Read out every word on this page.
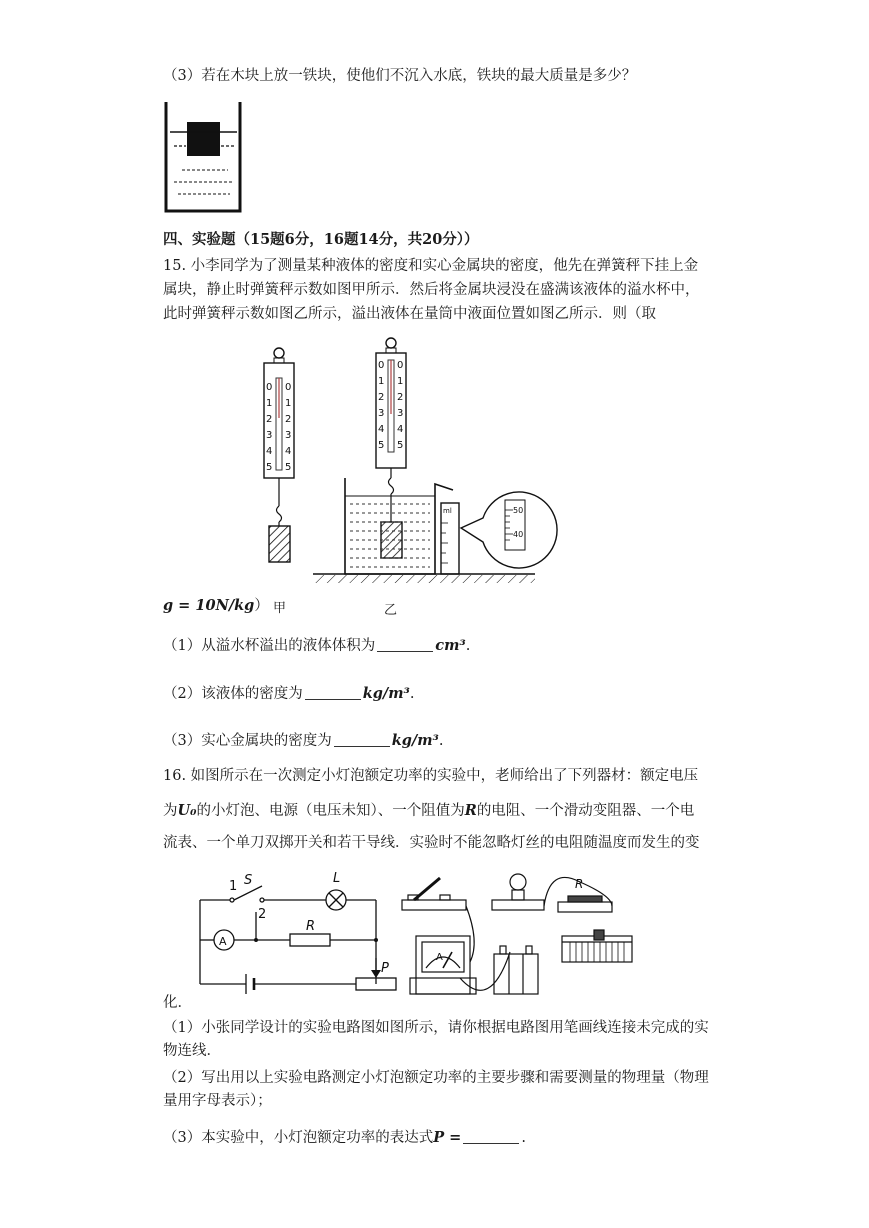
（3）若在木块上放一铁块，使他们不沉入水底，铁块的最大质量是多少？
四、实验题（15题6分，16题14分，共20分））
15. 小李同学为了测量某种液体的密度和实心金属块的密度，他先在弹簧秤下挂上金
属块，静止时弹簧秤示数如图甲所示．然后将金属块浸没在盛满该液体的溢水杯中，
此时弹簧秤示数如图乙所示，溢出液体在量筒中液面位置如图乙所示．则（取
0 0
1 1
2 2
3 3
4 4
5 5
0 0
1 1
2 2
3 3
4 4
5 5
ml	50
40
g = 10N/kg） 甲	乙
（1）从溢水杯溢出的液体体积为	cm³.
（2）该液体的密度为	kg/m³.
（3）实心金属块的密度为	kg/m³.
16. 如图所示在一次测定小灯泡额定功率的实验中，老师给出了下列器材：额定电压
为U₀的小灯泡、电源（电压未知）、一个阻值为R的电阻、一个滑动变阻器、一个电
流表、一个单刀双掷开关和若干导线．实验时不能忽略灯丝的电阻随温度而发生的变
1 S
2
L
R
P
A
A
R
化．
（1）小张同学设计的实验电路图如图所示，请你根据电路图用笔画线连接未完成的实
物连线．
（2）写出用以上实验电路测定小灯泡额定功率的主要步骤和需要测量的物理量（物理
量用字母表示）；
（3）本实验中，小灯泡额定功率的表达式P =	.
